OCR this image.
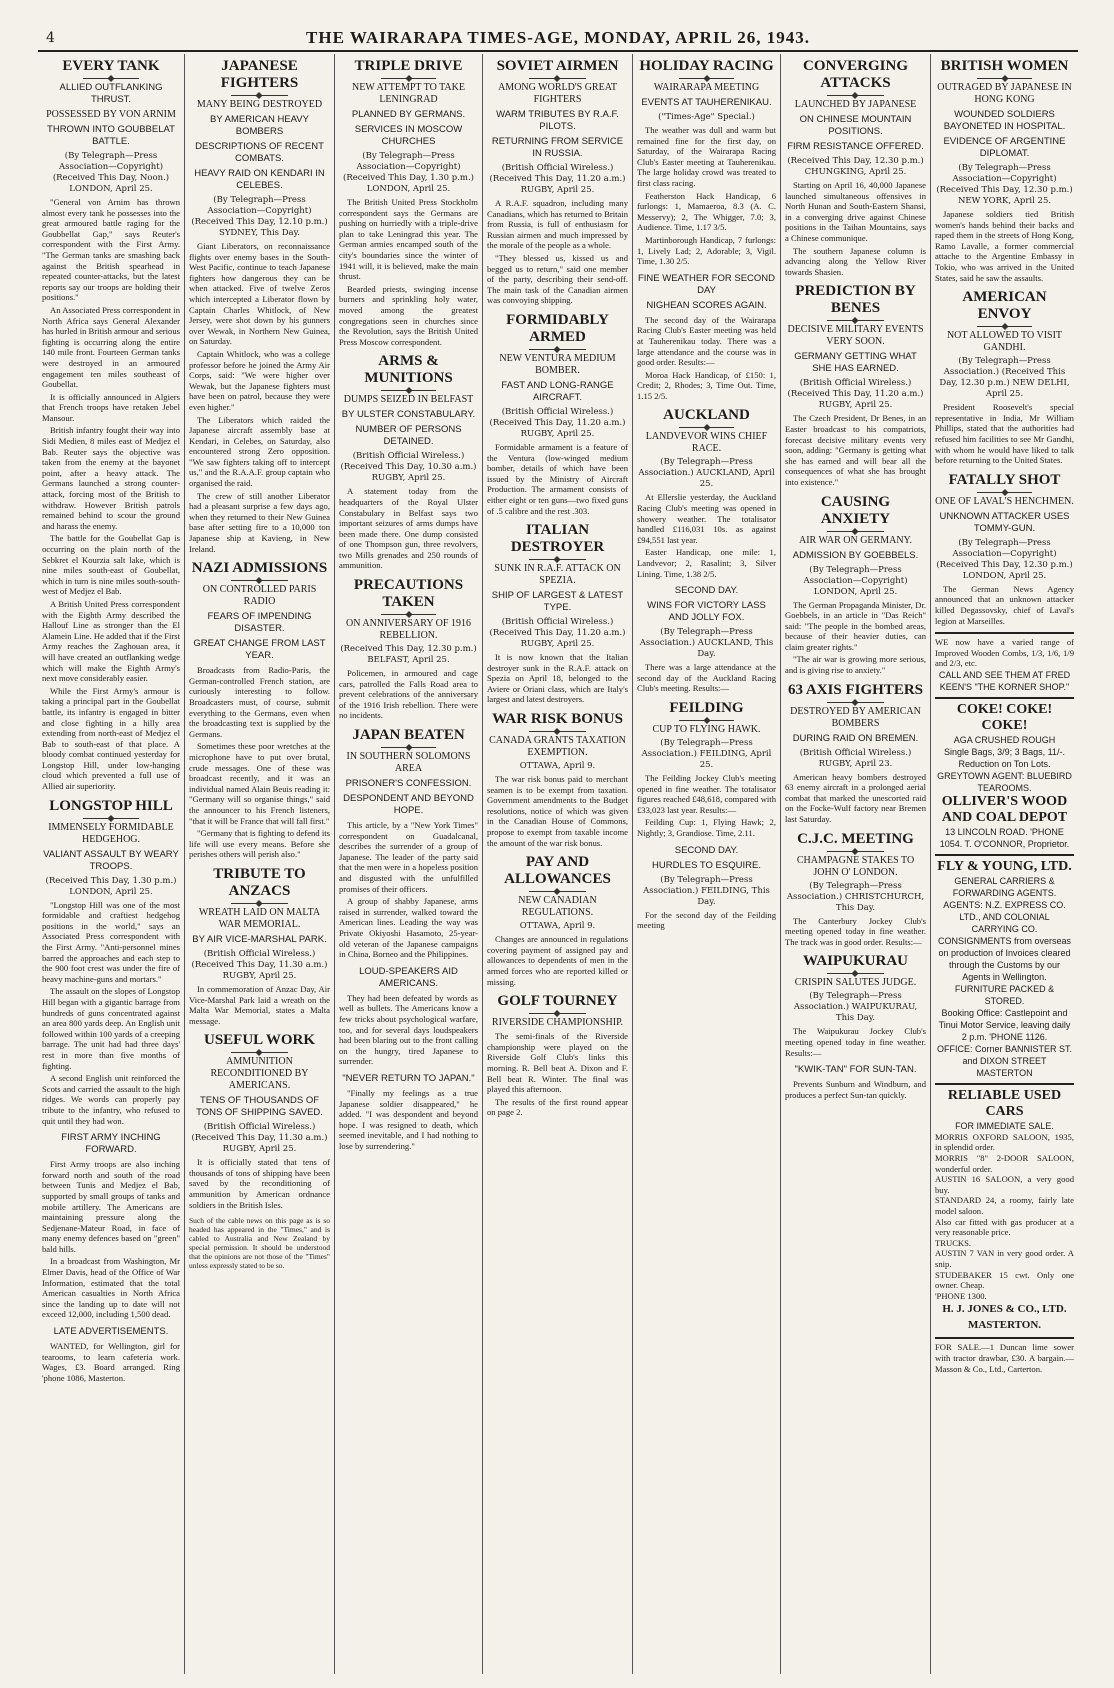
4	THE WAIRARAPA TIMES-AGE, MONDAY, APRIL 26, 1943.
EVERY TANK
ALLIED OUTFLANKING THRUST.
POSSESSED BY VON ARNIM
THROWN INTO GOUBBELAT BATTLE.
(By Telegraph—Press Association—Copyright) (Received This Day, Noon.) LONDON, April 25.

"General von Arnim has thrown almost every tank he possesses into the great armoured battle raging for the Goubbellat Gap," says Reuter's correspondent with the First Army. "The German tanks are smashing back against the British spearhead in repeated counter-attacks, but the latest reports say our troops are holding their positions."

An Associated Press correspondent in North Africa says General Alexander has hurled in British armour and serious fighting is occurring along the entire 140 mile front. Fourteen German tanks were destroyed in an armoured engagement ten miles southeast of Goubellat.

It is officially announced in Algiers that French troops have retaken Jebel Mansour.

British infantry fought their way into Sidi Medien, 8 miles east of Medjez el Bab. Reuter says the objective was taken from the enemy at the bayonet point, after a heavy attack. The Germans launched a strong counter-attack, forcing most of the British to withdraw. However British patrols remained behind to scour the ground and harass the enemy.

The battle for the Goubellat Gap is occurring on the plain north of the Sebkret el Kourzia salt lake, which is nine miles south-east of Goubellat, which in turn is nine miles south-south-west of Medjez el Bab.

A British United Press correspondent with the Eighth Army described the Hallouf Line as stronger than the El Alamein Line. He added that if the First Army reaches the Zaghouan area, it will have created an outflanking wedge which will make the Eighth Army's next move considerably easier.

While the First Army's armour is taking a principal part in the Goubellat battle, its infantry is engaged in bitter and close fighting in a hilly area extending from north-east of Medjez el Bab to south-east of that place. A bloody combat continued yesterday for Longstop Hill, under low-hanging cloud which prevented a full use of Allied air superiority.

LONGSTOP HILL
IMMENSELY FORMIDABLE HEDGEHOG.
VALIANT ASSAULT BY WEARY TROOPS.
(Received This Day, 1.30 p.m.) LONDON, April 25.

"Longstop Hill was one of the most formidable and craftiest hedgehog positions in the world," says an Associated Press correspondent with the First Army. "Anti-personnel mines barred the approaches and each step to the 900 foot crest was under the fire of heavy machine-guns and mortars."

The assault on the slopes of Longstop Hill began with a gigantic barrage from hundreds of guns concentrated against an area 800 yards deep. An English unit followed within 100 yards of a creeping barrage. The unit had had three days' rest in more than five months of fighting.

A second English unit reinforced the Scots and carried the assault to the high ridges. We words can properly pay tribute to the infantry, who refused to quit until they had won.

FIRST ARMY INCHING FORWARD.

First Army troops are also inching forward north and south of the road between Tunis and Medjez el Bab, supported by small groups of tanks and mobile artillery. The Americans are maintaining pressure along the Sedjenane-Mateur Road, in face of many enemy defences based on "green" bald hills.

In a broadcast from Washington, Mr Elmer Davis, head of the Office of War Information, estimated that the total American casualties in North Africa since the landing up to date will not exceed 12,000, including 1,500 dead.

LATE ADVERTISEMENTS.

WANTED, for Wellington, girl for tearooms, to learn cafeteria work. Wages, £3. Board arranged. Ring 'phone 1086, Masterton.

JAPANESE FIGHTERS
MANY BEING DESTROYED
BY AMERICAN HEAVY BOMBERS
DESCRIPTIONS OF RECENT COMBATS.
HEAVY RAID ON KENDARI IN CELEBES.
(By Telegraph—Press Association—Copyright) (Received This Day, 12.10 p.m.) SYDNEY, This Day.

Giant Liberators, on reconnaissance flights over enemy bases in the South-West Pacific, continue to teach Japanese fighters how dangerous they can be when attacked. Five of twelve Zeros which intercepted a Liberator flown by Captain Charles Whitlock, of New Jersey, were shot down by his gunners over Wewak, in Northern New Guinea, on Saturday.

Captain Whitlock, who was a college professor before he joined the Army Air Corps, said: "We were higher over Wewak, but the Japanese fighters must have been on patrol, because they were even higher."

The Liberators which raided the Japanese aircraft assembly base at Kendari, in Celebes, on Saturday, also encountered strong Zero opposition. "We saw fighters taking off to intercept us," and the R.A.A.F. group captain who organised the raid.

The crew of still another Liberator had a pleasant surprise a few days ago, when they returned to their New Guinea base after setting fire to a 10,000 ton Japanese ship at Kavieng, in New Ireland.

NAZI ADMISSIONS
ON CONTROLLED PARIS RADIO
FEARS OF IMPENDING DISASTER.
GREAT CHANGE FROM LAST YEAR.

Broadcasts from Radio-Paris, the German-controlled French station, are curiously interesting to follow. Broadcasters must, of course, submit everything to the Germans, even when the broadcasting text is supplied by the Germans.

Sometimes these poor wretches at the microphone have to put over brutal, crude messages. One of these was broadcast recently, and it was an individual named Alain Beuis reading it: "Germany will so organise things," said the announcer to his French listeners, "that it will be France that will fall first."

"Germany that is fighting to defend its life will use every means. Before she perishes others will perish also."

TRIBUTE TO ANZACS
WREATH LAID ON MALTA WAR MEMORIAL.
BY AIR VICE-MARSHAL PARK.
(British Official Wireless.) (Received This Day, 11.30 a.m.) RUGBY, April 25.

In commemoration of Anzac Day, Air Vice-Marshal Park laid a wreath on the Malta War Memorial, states a Malta message.

USEFUL WORK
AMMUNITION RECONDITIONED BY AMERICANS.
TENS OF THOUSANDS OF TONS OF SHIPPING SAVED.
(British Official Wireless.) (Received This Day, 11.30 a.m.) RUGBY, April 25.

It is officially stated that tens of thousands of tons of shipping have been saved by the reconditioning of ammunition by American ordnance soldiers in the British Isles.

Such of the cable news on this page as is so headed has appeared in the "Times," and is cabled to Australia and New Zealand by special permission. It should be understood that the opinions are not those of the "Times" unless expressly stated to be so.
TRIPLE DRIVE
NEW ATTEMPT TO TAKE LENINGRAD
PLANNED BY GERMANS.
SERVICES IN MOSCOW CHURCHES
(By Telegraph—Press Association—Copyright) (Received This Day, 1.30 p.m.) LONDON, April 25.

The British United Press Stockholm correspondent says the Germans are pushing on hurriedly with a triple-drive plan to take Leningrad this year. The German armies encamped south of the city's boundaries since the winter of 1941 will, it is believed, make the main thrust.

Bearded priests, swinging incense burners and sprinkling holy water, moved among the greatest congregations seen in churches since the Revolution, says the British United Press Moscow correspondent.

ARMS & MUNITIONS
DUMPS SEIZED IN BELFAST
BY ULSTER CONSTABULARY.
NUMBER OF PERSONS DETAINED.
(British Official Wireless.) (Received This Day, 10.30 a.m.) RUGBY, April 25.

A statement today from the headquarters of the Royal Ulster Constabulary in Belfast says two important seizures of arms dumps have been made there. One dump consisted of one Thompson gun, three revolvers, two Mills grenades and 250 rounds of ammunition.

PRECAUTIONS TAKEN
ON ANNIVERSARY OF 1916 REBELLION.
(Received This Day, 12.30 p.m.) BELFAST, April 25.

Policemen, in armoured and cage cars, patrolled the Falls Road area to prevent celebrations of the anniversary of the 1916 Irish rebellion. There were no incidents.

JAPAN BEATEN
IN SOUTHERN SOLOMONS AREA
PRISONER'S CONFESSION.
DESPONDENT AND BEYOND HOPE.

This article, by a "New York Times" correspondent on Guadalcanal, describes the surrender of a group of Japanese. The leader of the party said that the men were in a hopeless position and disgusted with the unfulfilled promises of their officers.

A group of shabby Japanese, arms raised in surrender, walked toward the American lines. Leading the way was Private Okiyoshi Hasamoto, 25-year-old veteran of the Japanese campaigns in China, Borneo and the Philippines.

LOUD-SPEAKERS AID AMERICANS.

They had been defeated by words as well as bullets. The Americans know a few tricks about psychological warfare, too, and for several days loudspeakers had been blaring out to the front calling on the hungry, tired Japanese to surrender.

"NEVER RETURN TO JAPAN."

"Finally my feelings as a true Japanese soldier disappeared," he added. "I was despondent and beyond hope. I was resigned to death, which seemed inevitable, and I had nothing to lose by surrendering."

SOVIET AIRMEN
AMONG WORLD'S GREAT FIGHTERS
WARM TRIBUTES BY R.A.F. PILOTS.
RETURNING FROM SERVICE IN RUSSIA.
(British Official Wireless.) (Received This Day, 11.20 a.m.) RUGBY, April 25.

A R.A.F. squadron, including many Canadians, which has returned to Britain from Russia, is full of enthusiasm for Russian airmen and much impressed by the morale of the people as a whole.

"They blessed us, kissed us and begged us to return," said one member of the party, describing their send-off. The main task of the Canadian airmen was convoying shipping.

FORMIDABLY ARMED
NEW VENTURA MEDIUM BOMBER.
FAST AND LONG-RANGE AIRCRAFT.
(British Official Wireless.) (Received This Day, 11.20 a.m.) RUGBY, April 25.

Formidable armament is a feature of the Ventura (low-winged medium bomber, details of which have been issued by the Ministry of Aircraft Production. The armament consists of either eight or ten guns—two fixed guns of .5 calibre and the rest .303.

ITALIAN DESTROYER
SUNK IN R.A.F. ATTACK ON SPEZIA.
SHIP OF LARGEST & LATEST TYPE.
(British Official Wireless.) (Received This Day, 11.20 a.m.) RUGBY, April 25.

It is now known that the Italian destroyer sunk in the R.A.F. attack on Spezia on April 18, belonged to the Aviere or Oriani class, which are Italy's largest and latest destroyers.

WAR RISK BONUS
CANADA GRANTS TAXATION EXEMPTION.
OTTAWA, April 9.

The war risk bonus paid to merchant seamen is to be exempt from taxation. Government amendments to the Budget resolutions, notice of which was given in the Canadian House of Commons, propose to exempt from taxable income the amount of the war risk bonus.

PAY AND ALLOWANCES
NEW CANADIAN REGULATIONS.
OTTAWA, April 9.

Changes are announced in regulations covering payment of assigned pay and allowances to dependents of men in the armed forces who are reported killed or missing.

GOLF TOURNEY
RIVERSIDE CHAMPIONSHIP.

The semi-finals of the Riverside championship were played on the Riverside Golf Club's links this morning. R. Bell beat A. Dixon and F. Bell beat R. Winter. The final was played this afternoon.

The results of the first round appear on page 2.

HOLIDAY RACING
WAIRARAPA MEETING
EVENTS AT TAUHERENIKAU.
("Times-Age" Special.)

The weather was dull and warm but remained fine for the first day, on Saturday, of the Wairarapa Racing Club's Easter meeting at Tauherenikau. The large holiday crowd was treated to first class racing.

Featherston Hack Handicap, 6 furlongs: 1, Mamaeroa, 8.3 (A. C. Messervy); 2, The Whigger, 7.0; 3, Audience. Time, 1.17 3/5.

Martinborough Handicap, 7 furlongs: 1, Lively Lad; 2, Adorable; 3, Vigil. Time, 1.30 2/5.

FINE WEATHER FOR SECOND DAY
NIGHEAN SCORES AGAIN.

The second day of the Wairarapa Racing Club's Easter meeting was held at Tauherenikau today. There was a large attendance and the course was in good order. Results:—

Moroa Hack Handicap, of £150: 1, Credit; 2, Rhodes; 3, Time Out. Time, 1.15 2/5.

AUCKLAND
LANDVEVOR WINS CHIEF RACE.
(By Telegraph—Press Association.) AUCKLAND, April 25.

At Ellerslie yesterday, the Auckland Racing Club's meeting was opened in showery weather. The totalisator handled £116,031 10s. as against £94,551 last year.

Easter Handicap, one mile: 1, Landvevor; 2, Rasalint; 3, Silver Lining. Time, 1.38 2/5.

SECOND DAY.
WINS FOR VICTORY LASS AND JOLLY FOX.
(By Telegraph—Press Association.) AUCKLAND, This Day.

There was a large attendance at the second day of the Auckland Racing Club's meeting. Results:—

FEILDING
CUP TO FLYING HAWK.
(By Telegraph—Press Association.) FEILDING, April 25.

The Feilding Jockey Club's meeting opened in fine weather. The totalisator figures reached £48,618, compared with £33,023 last year. Results:—

Feilding Cup: 1, Flying Hawk; 2, Nightly; 3, Grandiose. Time, 2.11.

SECOND DAY.
HURDLES TO ESQUIRE.
(By Telegraph—Press Association.) FEILDING, This Day.

For the second day of the Feilding meeting

CONVERGING ATTACKS
LAUNCHED BY JAPANESE
ON CHINESE MOUNTAIN POSITIONS.
FIRM RESISTANCE OFFERED.
(Received This Day, 12.30 p.m.) CHUNGKING, April 25.

Starting on April 16, 40,000 Japanese launched simultaneous offensives in North Hunan and South-Eastern Shansi, in a converging drive against Chinese positions in the Taihan Mountains, says a Chinese communique.

The southern Japanese column is advancing along the Yellow River towards Shasien.

PREDICTION BY BENES
DECISIVE MILITARY EVENTS VERY SOON.
GERMANY GETTING WHAT SHE HAS EARNED.
(British Official Wireless.) (Received This Day, 11.20 a.m.) RUGBY, April 25.

The Czech President, Dr Benes, in an Easter broadcast to his compatriots, forecast decisive military events very soon, adding: "Germany is getting what she has earned and will bear all the consequences of what she has brought into existence."

CAUSING ANXIETY
AIR WAR ON GERMANY.
ADMISSION BY GOEBBELS.
(By Telegraph—Press Association—Copyright) LONDON, April 25.

The German Propaganda Minister, Dr. Goebbels, in an article in "Das Reich" said: "The people in the bombed areas, because of their heavier duties, can claim greater rights."

"The air war is growing more serious, and is giving rise to anxiety."

63 AXIS FIGHTERS
DESTROYED BY AMERICAN BOMBERS
DURING RAID ON BREMEN.
(British Official Wireless.) RUGBY, April 23.

American heavy bombers destroyed 63 enemy aircraft in a prolonged aerial combat that marked the unescorted raid on the Focke-Wulf factory near Bremen last Saturday.

C.J.C. MEETING
CHAMPAGNE STAKES TO JOHN O' LONDON.
(By Telegraph—Press Association.) CHRISTCHURCH, This Day.

The Canterbury Jockey Club's meeting opened today in fine weather. The track was in good order. Results:—

WAIPUKURAU
CRISPIN SALUTES JUDGE.
(By Telegraph—Press Association.) WAIPUKURAU, This Day.

The Waipukurau Jockey Club's meeting opened today in fine weather. Results:—

"KWIK-TAN" FOR SUN-TAN.

Prevents Sunburn and Windburn, and produces a perfect Sun-tan quickly.

BRITISH WOMEN
OUTRAGED BY JAPANESE IN HONG KONG
WOUNDED SOLDIERS BAYONETED IN HOSPITAL.
EVIDENCE OF ARGENTINE DIPLOMAT.
(By Telegraph—Press Association—Copyright) (Received This Day, 12.30 p.m.) NEW YORK, April 25.

Japanese soldiers tied British women's hands behind their backs and raped them in the streets of Hong Kong, Ramo Lavalle, a former commercial attache to the Argentine Embassy in Tokio, who was arrived in the United States, said he saw the assaults.

AMERICAN ENVOY
NOT ALLOWED TO VISIT GANDHI.
(By Telegraph—Press Association.) (Received This Day, 12.30 p.m.) NEW DELHI, April 25.

President Roosevelt's special representative in India, Mr William Phillips, stated that the authorities had refused him facilities to see Mr Gandhi, with whom he would have liked to talk before returning to the United States.

FATALLY SHOT
ONE OF LAVAL'S HENCHMEN.
UNKNOWN ATTACKER USES TOMMY-GUN.
(By Telegraph—Press Association—Copyright) (Received This Day, 12.30 p.m.) LONDON, April 25.

The German News Agency announced that an unknown attacker killed Degassovsky, chief of Laval's legion at Marseilles.

WE now have a varied range of Improved Wooden Combs, 1/3, 1/6, 1/9 and 2/3, etc.
CALL AND SEE THEM AT FRED KEEN'S "THE KORNER SHOP."
COKE! COKE! COKE!
AGA CRUSHED ROUGH
Single Bags, 3/9; 3 Bags, 11/-.
Reduction on Ton Lots.
GREYTOWN AGENT: BLUEBIRD TEAROOMS.
OLLIVER'S WOOD AND COAL DEPOT
13 LINCOLN ROAD. 'PHONE 1054. T. O'CONNOR, Proprietor.
FLY & YOUNG, LTD.
GENERAL CARRIERS & FORWARDING AGENTS.
AGENTS: N.Z. EXPRESS CO. LTD., AND COLONIAL CARRYING CO.
CONSIGNMENTS from overseas on production of Invoices cleared through the Customs by our Agents in Wellington.
FURNITURE PACKED & STORED.
Booking Office: Castlepoint and Tinui Motor Service, leaving daily 2 p.m. 'PHONE 1126.
OFFICE: Corner BANNISTER ST. and DIXON STREET MASTERTON
RELIABLE USED CARS
FOR IMMEDIATE SALE.
MORRIS OXFORD SALOON, 1935, in splendid order.
MORRIS "8" 2-DOOR SALOON, wonderful order.
AUSTIN 16 SALOON, a very good buy.
STANDARD 24, a roomy, fairly late model saloon.
Also car fitted with gas producer at a very reasonable price.
TRUCKS.
AUSTIN 7 VAN in very good order. A snip.
STUDEBAKER 15 cwt. Only one owner. Cheap.
'PHONE 1300.
H. J. JONES & CO., LTD. MASTERTON.
FOR SALE.—1 Duncan lime sower with tractor drawbar, £30. A bargain.—Masson & Co., Ltd., Carterton.
